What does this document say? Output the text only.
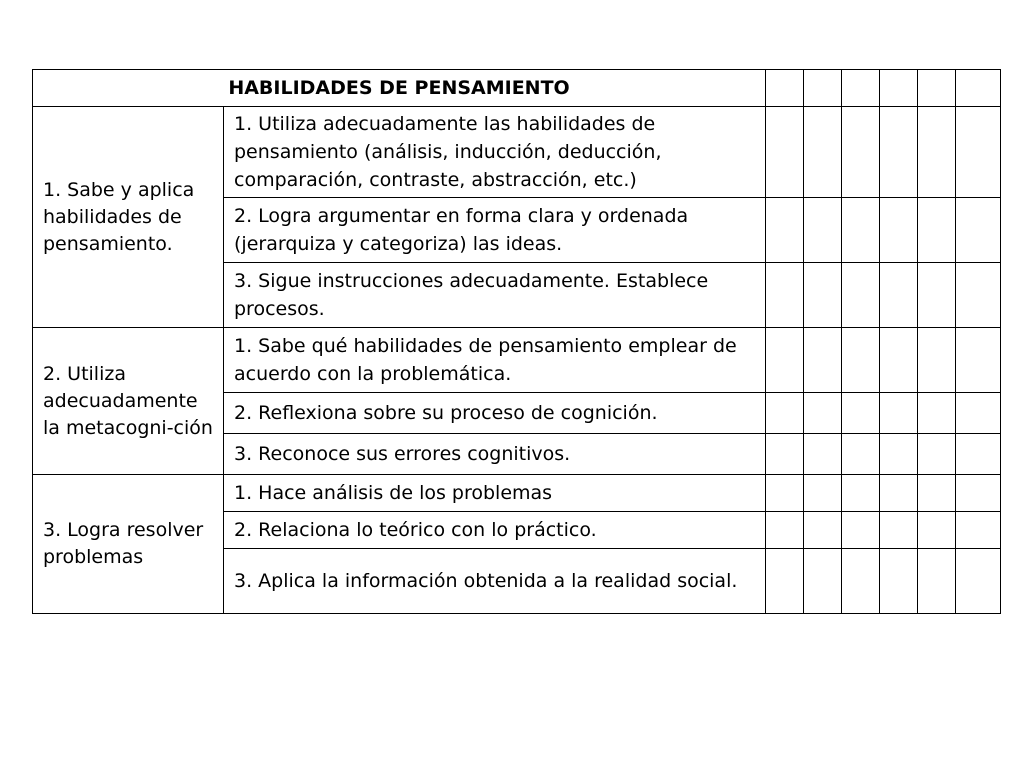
HABILIDADES DE PENSAMIENTO							
1. Sabe y aplica habilidades de pensamiento.	1. Utiliza adecuadamente las habilidades de pensamiento (análisis, inducción, deducción, comparación, contraste, abstracción, etc.)						
	2. Logra argumentar en forma clara y ordenada (jerarquiza y categoriza) las ideas.						
	3. Sigue instrucciones adecuadamente. Establece procesos.						
2. Utiliza adecuadamente la metacogni-ción	1. Sabe qué habilidades de pensamiento emplear de acuerdo con la problemática.						
	2. Reflexiona sobre su proceso de cognición.						
	3. Reconoce sus errores cognitivos.						
3. Logra resolver problemas	1. Hace análisis de los problemas						
	2. Relaciona lo teórico con lo práctico.						
	3. Aplica la información obtenida a la realidad social.						
